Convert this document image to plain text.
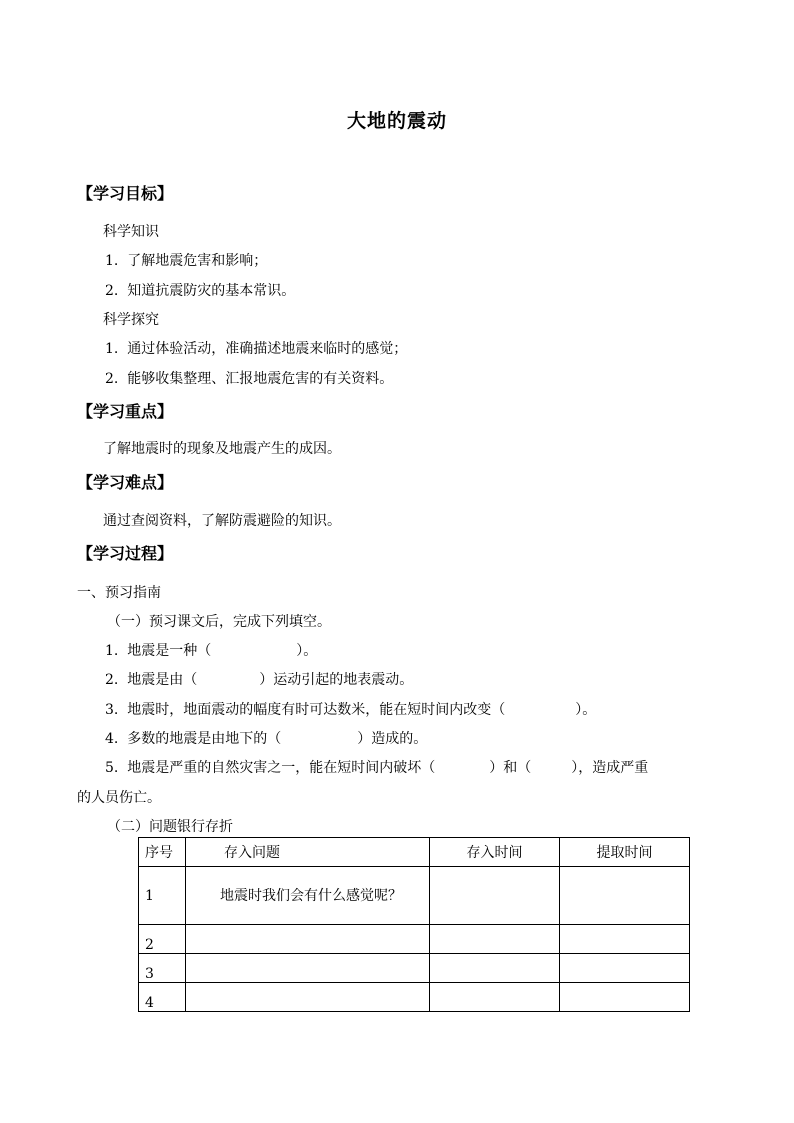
大地的震动
【学习目标】
科学知识
1. 了解地震危害和影响；
2. 知道抗震防灾的基本常识。
科学探究
1. 通过体验活动，准确描述地震来临时的感觉；
2. 能够收集整理、汇报地震危害的有关资料。
【学习重点】
了解地震时的现象及地震产生的成因。
【学习难点】
通过查阅资料，了解防震避险的知识。
【学习过程】
一、预习指南
（一）预习课文后，完成下列填空。
1. 地震是一种（	）。
2. 地震是由（	）运动引起的地表震动。
3. 地震时，地面震动的幅度有时可达数米，能在短时间内改变（	）。
4. 多数的地震是由地下的（	）造成的。
5. 地震是严重的自然灾害之一，能在短时间内破坏（	）和（	），造成严重
的人员伤亡。
（二）问题银行存折
序号	存入问题	存入时间	提取时间
1	地震时我们会有什么感觉呢？		
2			
3			
4			
